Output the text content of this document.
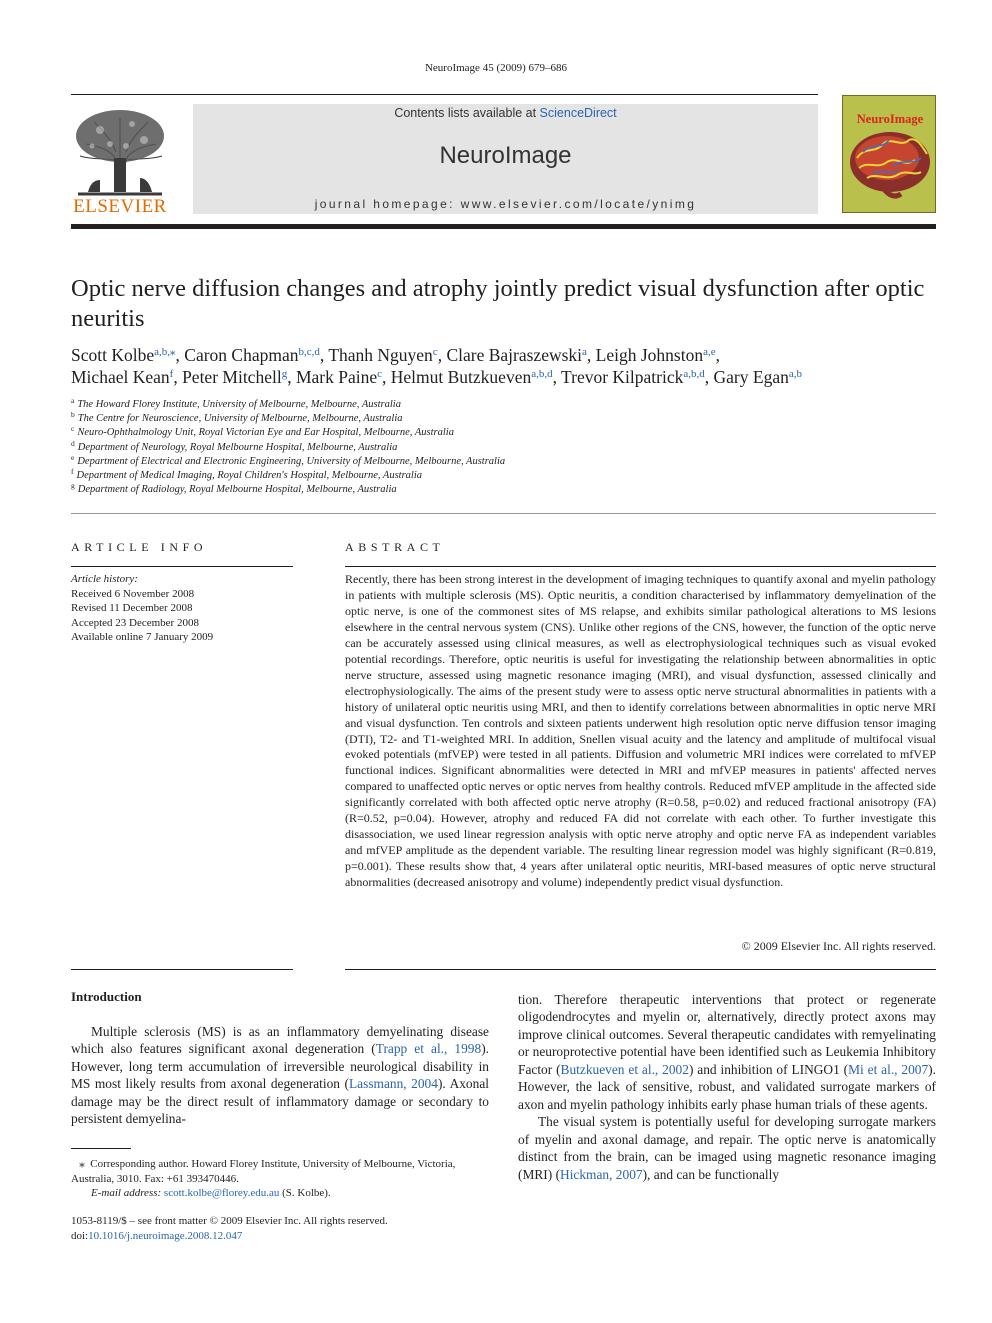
NeuroImage 45 (2009) 679–686
ELSEVIER
Contents lists available at ScienceDirect
NeuroImage
journal homepage: www.elsevier.com/locate/ynimg
NeuroImage
Optic nerve diffusion changes and atrophy jointly predict visual dysfunction after optic neuritis
Scott Kolbe$^{a,b,⁎}$, Caron Chapman$^{b,c,d}$, Thanh Nguyen$^c$, Clare Bajraszewski$^a$, Leigh Johnston$^{a,e}$,
Michael Kean$^f$, Peter Mitchell$^g$, Mark Paine$^c$, Helmut Butzkueven$^{a,b,d}$, Trevor Kilpatrick$^{a,b,d}$, Gary Egan$^{a,b}$
$^a$ The Howard Florey Institute, University of Melbourne, Melbourne, Australia
$^b$ The Centre for Neuroscience, University of Melbourne, Melbourne, Australia
$^c$ Neuro-Ophthalmology Unit, Royal Victorian Eye and Ear Hospital, Melbourne, Australia
$^d$ Department of Neurology, Royal Melbourne Hospital, Melbourne, Australia
$^e$ Department of Electrical and Electronic Engineering, University of Melbourne, Melbourne, Australia
$^f$ Department of Medical Imaging, Royal Children's Hospital, Melbourne, Australia
$^g$ Department of Radiology, Royal Melbourne Hospital, Melbourne, Australia
ARTICLE INFO
Article history:
Received 6 November 2008
Revised 11 December 2008
Accepted 23 December 2008
Available online 7 January 2009
ABSTRACT
Recently, there has been strong interest in the development of imaging techniques to quantify axonal and myelin pathology in patients with multiple sclerosis (MS). Optic neuritis, a condition characterised by inflammatory demyelination of the optic nerve, is one of the commonest sites of MS relapse, and exhibits similar pathological alterations to MS lesions elsewhere in the central nervous system (CNS). Unlike other regions of the CNS, however, the function of the optic nerve can be accurately assessed using clinical measures, as well as electrophysiological techniques such as visual evoked potential recordings. Therefore, optic neuritis is useful for investigating the relationship between abnormalities in optic nerve structure, assessed using magnetic resonance imaging (MRI), and visual dysfunction, assessed clinically and electrophysiologically. The aims of the present study were to assess optic nerve structural abnormalities in patients with a history of unilateral optic neuritis using MRI, and then to identify correlations between abnormalities in optic nerve MRI and visual dysfunction. Ten controls and sixteen patients underwent high resolution optic nerve diffusion tensor imaging (DTI), T2- and T1-weighted MRI. In addition, Snellen visual acuity and the latency and amplitude of multifocal visual evoked potentials (mfVEP) were tested in all patients. Diffusion and volumetric MRI indices were correlated to mfVEP functional indices. Significant abnormalities were detected in MRI and mfVEP measures in patients' affected nerves compared to unaffected optic nerves or optic nerves from healthy controls. Reduced mfVEP amplitude in the affected side significantly correlated with both affected optic nerve atrophy (R=0.58, p=0.02) and reduced fractional anisotropy (FA) (R=0.52, p=0.04). However, atrophy and reduced FA did not correlate with each other. To further investigate this disassociation, we used linear regression analysis with optic nerve atrophy and optic nerve FA as independent variables and mfVEP amplitude as the dependent variable. The resulting linear regression model was highly significant (R=0.819, p=0.001). These results show that, 4 years after unilateral optic neuritis, MRI-based measures of optic nerve structural abnormalities (decreased anisotropy and volume) independently predict visual dysfunction.
© 2009 Elsevier Inc. All rights reserved.
Introduction

Multiple sclerosis (MS) is as an inflammatory demyelinating disease which also features significant axonal degeneration (Trapp et al., 1998). However, long term accumulation of irreversible neurological disability in MS most likely results from axonal degeneration (Lassmann, 2004). Axonal damage may be the direct result of inflammatory damage or secondary to persistent demyelina-

tion. Therefore therapeutic interventions that protect or regenerate oligodendrocytes and myelin or, alternatively, directly protect axons may improve clinical outcomes. Several therapeutic candidates with remyelinating or neuroprotective potential have been identified such as Leukemia Inhibitory Factor (Butzkueven et al., 2002) and inhibition of LINGO1 (Mi et al., 2007). However, the lack of sensitive, robust, and validated surrogate markers of axon and myelin pathology inhibits early phase human trials of these agents.

The visual system is potentially useful for developing surrogate markers of myelin and axonal damage, and repair. The optic nerve is anatomically distinct from the brain, can be imaged using magnetic resonance imaging (MRI) (Hickman, 2007), and can be functionally

⁎ Corresponding author. Howard Florey Institute, University of Melbourne, Victoria, Australia, 3010. Fax: +61 393470446.
E-mail address: scott.kolbe@florey.edu.au (S. Kolbe).
1053-8119/$ – see front matter © 2009 Elsevier Inc. All rights reserved.
doi:10.1016/j.neuroimage.2008.12.047
